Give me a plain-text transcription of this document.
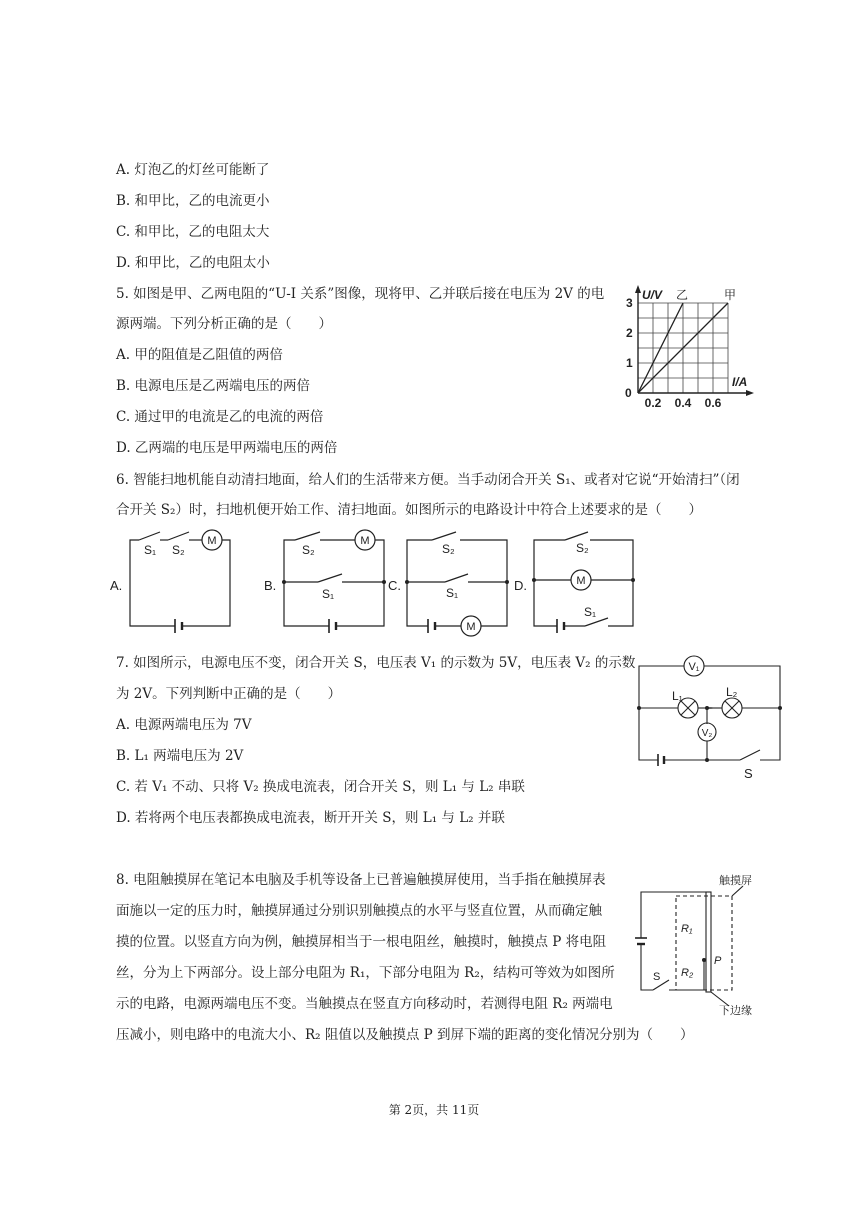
A. 灯泡乙的灯丝可能断了
B. 和甲比，乙的电流更小
C. 和甲比，乙的电阻太大
D. 和甲比，乙的电阻太小
5. 如图是甲、乙两电阻的“U-I 关系”图像，现将甲、乙并联后接在电压为 2V 的电
源两端。下列分析正确的是（　　）
A. 甲的阻值是乙阻值的两倍
B. 电源电压是乙两端电压的两倍
C. 通过甲的电流是乙的电流的两倍
D. 乙两端的电压是甲两端电压的两倍
U/V
I/A
0
1
2
3
0.2 0.4 0.6
乙	甲
6. 智能扫地机能自动清扫地面，给人们的生活带来方便。当手动闭合开关 S₁、或者对它说“开始清扫”（闭
合开关 S₂）时，扫地机便开始工作、清扫地面。如图所示的电路设计中符合上述要求的是（　　）
A.	B.	C.	D.
S₁ S₂
M
S₂
M
S₁
S₂
S₁
M
S₂
M
S₁
7. 如图所示，电源电压不变，闭合开关 S，电压表 V₁ 的示数为 5V，电压表 V₂ 的示数
为 2V。下列判断中正确的是（　　）
A. 电源两端电压为 7V
B. L₁ 两端电压为 2V
C. 若 V₁ 不动、只将 V₂ 换成电流表，闭合开关 S，则 L₁ 与 L₂ 串联
D. 若将两个电压表都换成电流表，断开开关 S，则 L₁ 与 L₂ 并联
V₁
V₂
L₁	L₂
S
8. 电阻触摸屏在笔记本电脑及手机等设备上已普遍触摸屏使用，当手指在触摸屏表
面施以一定的压力时，触摸屏通过分别识别触摸点的水平与竖直位置，从而确定触
摸的位置。以竖直方向为例，触摸屏相当于一根电阻丝，触摸时，触摸点 P 将电阻
丝，分为上下两部分。设上部分电阻为 R₁，下部分电阻为 R₂，结构可等效为如图所
示的电路，电源两端电压不变。当触摸点在竖直方向移动时，若测得电阻 R₂ 两端电
压减小，则电路中的电流大小、R₂ 阻值以及触摸点 P 到屏下端的距离的变化情况分别为（　　）
触摸屏
R₁
R₂
P
S
下边缘
第 2页，共 11页
